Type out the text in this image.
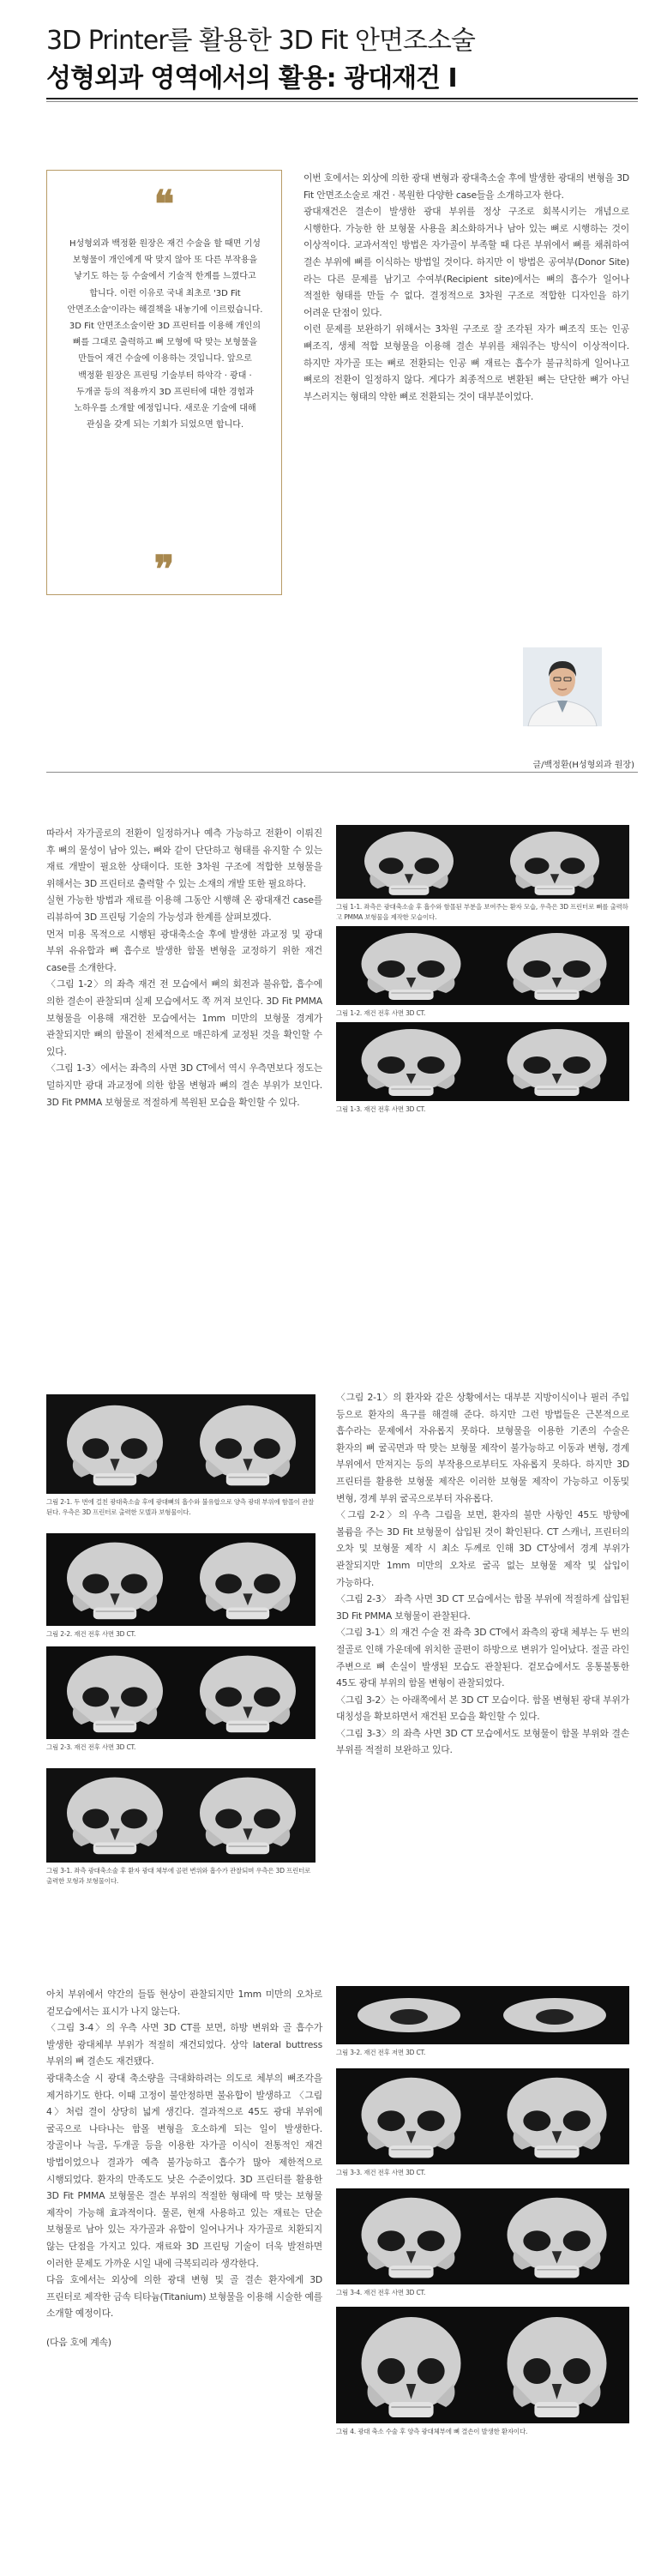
3D Printer를 활용한 3D Fit 안면조소술
성형외과 영역에서의 활용: 광대재건 I
❝
H성형외과 백정환 원장은 재건 수술을 할 때면 기성 보형물이 개인에게 딱 맞지 않아 또 다른 부작용을 낳기도 하는 등 수술에서 기술적 한계를 느꼈다고 합니다. 이런 이유로 국내 최초로 '3D Fit 안면조소술'이라는 해결책을 내놓기에 이르렀습니다. 3D Fit 안면조소술이란 3D 프린터를 이용해 개인의 뼈를 그대로 출력하고 뼈 모형에 딱 맞는 보형물을 만들어 재건 수술에 이용하는 것입니다. 앞으로 백정환 원장은 프린팅 기술부터 하악각 · 광대 · 두개골 등의 적용까지 3D 프린터에 대한 경험과 노하우를 소개할 예정입니다. 새로운 기술에 대해 관심을 갖게 되는 기회가 되었으면 합니다.
❞

이번 호에서는 외상에 의한 광대 변형과 광대축소술 후에 발생한 광대의 변형을 3D Fit 안면조소술로 재건 · 복원한 다양한 case들을 소개하고자 한다.

광대재건은 결손이 발생한 광대 부위를 정상 구조로 회복시키는 개념으로 시행한다. 가능한 한 보형물 사용을 최소화하거나 남아 있는 뼈로 시행하는 것이 이상적이다. 교과서적인 방법은 자가골이 부족할 때 다른 부위에서 뼈를 채취하여 결손 부위에 뼈를 이식하는 방법일 것이다. 하지만 이 방법은 공여부(Donor Site)라는 다른 문제를 남기고 수여부(Recipient site)에서는 뼈의 흡수가 일어나 적절한 형태를 만들 수 없다. 결정적으로 3차원 구조로 적합한 디자인을 하기 어려운 단점이 있다.

이런 문제를 보완하기 위해서는 3차원 구조로 잘 조각된 자가 뼈조직 또는 인공 뼈조직, 생체 적합 보형물을 이용해 결손 부위를 채워주는 방식이 이상적이다. 하지만 자가골 또는 뼈로 전환되는 인공 뼈 재료는 흡수가 불규칙하게 일어나고 뼈로의 전환이 일정하지 않다. 게다가 최종적으로 변환된 뼈는 단단한 뼈가 아닌 부스러지는 형태의 약한 뼈로 전환되는 것이 대부분이었다.

글/백정환(H성형외과 원장)
그림 1-1. 좌측은 광대축소술 후 흡수와 함몰된 부분을 보여주는 환자 모습, 우측은 3D 프린터로 뼈를 출력하고 PMMA 보형물을 제작한 모습이다.
그림 1-2. 재건 전후 사면 3D CT.
그림 1-3. 재건 전후 사면 3D CT.

따라서 자가골로의 전환이 일정하거나 예측 가능하고 전환이 이뤄진 후 뼈의 물성이 남아 있는, 뼈와 같이 단단하고 형태를 유지할 수 있는 재료 개발이 필요한 상태이다. 또한 3차원 구조에 적합한 보형물을 위해서는 3D 프린터로 출력할 수 있는 소재의 개발 또한 필요하다.

실현 가능한 방법과 재료를 이용해 그동안 시행해 온 광대재건 case를 리뷰하여 3D 프린팅 기술의 가능성과 한계를 살펴보겠다.

먼저 미용 목적으로 시행된 광대축소술 후에 발생한 과교정 및 광대 부위 유유합과 뼈 흡수로 발생한 함몰 변형을 교정하기 위한 재건 case를 소개한다.

〈그림 1-2〉의 좌측 재건 전 모습에서 뼈의 회전과 불유합, 흡수에 의한 결손이 관찰되며 실제 모습에서도 쪽 꺼져 보인다. 3D Fit PMMA 보형물을 이용해 재건한 모습에서는 1mm 미만의 보형물 경계가 관찰되지만 뼈의 함몰이 전체적으로 매끈하게 교정된 것을 확인할 수 있다.

〈그림 1-3〉에서는 좌측의 사면 3D CT에서 역시 우측면보다 정도는 덜하지만 광대 과교정에 의한 함몰 변형과 뼈의 결손 부위가 보인다. 3D Fit PMMA 보형물로 적절하게 복원된 모습을 확인할 수 있다.

그림 2-1. 두 번에 걸친 광대축소술 후에 광대뼈의 흡수와 불유합으로 양측 광대 부위에 함몰이 관찰된다. 우측은 3D 프린터로 출력한 모델과 보형물이다.
그림 2-2. 재건 전후 사면 3D CT.
그림 2-3. 재건 전후 사면 3D CT.
그림 3-1. 좌측 광대축소술 후 환자 광대 체부에 골편 변위와 흡수가 관찰되며 우측은 3D 프린터로 출력한 모형과 보형물이다.

〈그림 2-1〉의 환자와 같은 상황에서는 대부분 지방이식이나 필러 주입 등으로 환자의 욕구를 해결해 준다. 하지만 그런 방법들은 근본적으로 흡수라는 문제에서 자유롭지 못하다. 보형물을 이용한 기존의 수술은 환자의 뼈 굴곡면과 딱 맞는 보형물 제작이 불가능하고 이동과 변형, 경계 부위에서 만져지는 등의 부작용으로부터도 자유롭지 못하다. 하지만 3D 프린터를 활용한 보형물 제작은 이러한 보형물 제작이 가능하고 이동및 변형, 경계 부위 굴곡으로부터 자유롭다.

〈그림 2-2〉의 우측 그림을 보면, 환자의 불만 사항인 45도 방향에 볼륨을 주는 3D Fit 보형물이 삽입된 것이 확인된다. CT 스캐너, 프린터의 오차 및 보형물 제작 시 최소 두께로 인해 3D CT상에서 경계 부위가 관찰되지만 1mm 미만의 오차로 굴곡 없는 보형물 제작 및 삽입이 가능하다.

〈그림 2-3〉 좌측 사면 3D CT 모습에서는 함몰 부위에 적절하게 삽입된 3D Fit PMMA 보형물이 관찰된다.

〈그림 3-1〉의 재건 수술 전 좌측 3D CT에서 좌측의 광대 체부는 두 번의 절골로 인해 가운데에 위치한 골편이 하방으로 변위가 일어났다. 절골 라인 주변으로 뼈 손실이 발생된 모습도 관찰된다. 겉모습에서도 옹통불통한 45도 광대 부위의 함몰 변형이 관찰되었다.

〈그림 3-2〉는 아래쪽에서 본 3D CT 모습이다. 함몰 변형된 광대 부위가 대칭성을 확보하면서 재건된 모습을 확인할 수 있다.

〈그림 3-3〉의 좌측 사면 3D CT 모습에서도 보형물이 함몰 부위와 결손 부위를 적절히 보완하고 있다.

그림 3-2. 재건 전후 저면 3D CT.
그림 3-3. 재건 전후 사면 3D CT.
그림 3-4. 재건 전후 사면 3D CT.
그림 4. 광대 축소 수술 후 양측 광대체부에 뼈 결손이 발생한 환자이다.

아치 부위에서 약간의 들뜸 현상이 관찰되지만 1mm 미만의 오차로 겉모습에서는 표시가 나지 않는다.

〈그림 3-4〉의 우측 사면 3D CT를 보면, 하방 변위와 골 흡수가 발생한 광대체부 부위가 적절히 재건되었다. 상악 lateral buttress 부위의 뼈 결손도 재건됐다.

광대축소술 시 광대 축소량을 극대화하려는 의도로 체부의 뼈조각을 제거하기도 한다. 이때 고정이 불안정하면 불유합이 발생하고 〈그림 4〉처럼 결이 상당히 넓게 생긴다. 결과적으로 45도 광대 부위에 굴곡으로 나타나는 함몰 변형을 호소하게 되는 일이 발생한다. 장골이나 늑골, 두개골 등을 이용한 자가골 이식이 전통적인 재건 방법이었으나 결과가 예측 불가능하고 흡수가 많아 제한적으로 시행되었다. 환자의 만족도도 낮은 수준이었다. 3D 프린터를 활용한 3D Fit PMMA 보형물은 결손 부위의 적절한 형태에 딱 맞는 보형물 제작이 가능해 효과적이다. 물론, 현재 사용하고 있는 재료는 단순 보형물로 남아 있는 자가골과 유합이 일어나거나 자가골로 치환되지 않는 단점을 가지고 있다. 재료와 3D 프린팅 기술이 더욱 발전하면 이러한 문제도 가까운 시일 내에 극복되리라 생각한다.

다음 호에서는 외상에 의한 광대 변형 및 골 결손 환자에게 3D 프린터로 제작한 금속 티타늄(Titanium) 보형물을 이용해 시술한 예를 소개할 예정이다.

(다음 호에 계속)
